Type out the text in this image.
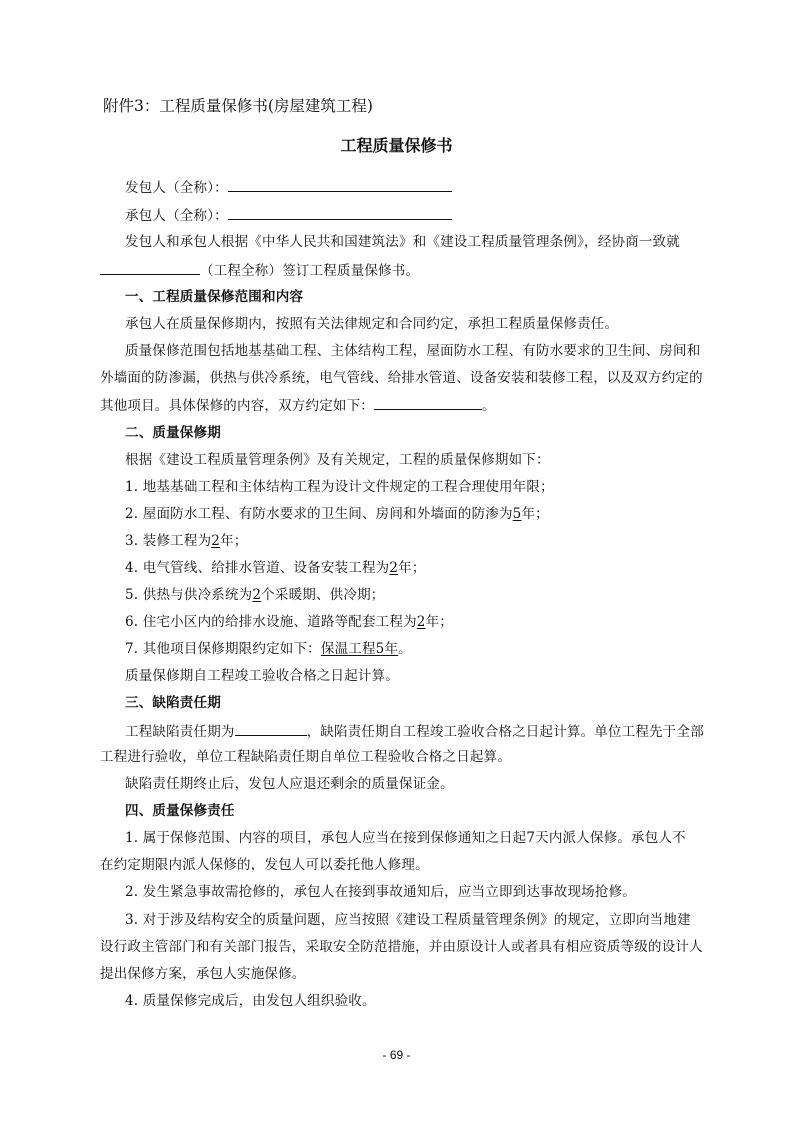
附件3：工程质量保修书(房屋建筑工程)
工程质量保修书
发包人（全称）：
承包人（全称）：
发包人和承包人根据《中华人民共和国建筑法》和《建设工程质量管理条例》，经协商一致就
（工程全称）签订工程质量保修书。
一、工程质量保修范围和内容
承包人在质量保修期内，按照有关法律规定和合同约定，承担工程质量保修责任。
质量保修范围包括地基基础工程、主体结构工程，屋面防水工程、有防水要求的卫生间、房间和
外墙面的防渗漏，供热与供冷系统，电气管线、给排水管道、设备安装和装修工程，以及双方约定的
其他项目。具体保修的内容，双方约定如下：	。
二、质量保修期
根据《建设工程质量管理条例》及有关规定，工程的质量保修期如下：
1. 地基基础工程和主体结构工程为设计文件规定的工程合理使用年限；
2. 屋面防水工程、有防水要求的卫生间、房间和外墙面的防渗为5年；
3. 装修工程为2年；
4. 电气管线、给排水管道、设备安装工程为2年；
5. 供热与供冷系统为2个采暖期、供冷期；
6. 住宅小区内的给排水设施、道路等配套工程为2年；
7. 其他项目保修期限约定如下：保温工程5年。
质量保修期自工程竣工验收合格之日起计算。
三、缺陷责任期
工程缺陷责任期为	，缺陷责任期自工程竣工验收合格之日起计算。单位工程先于全部
工程进行验收，单位工程缺陷责任期自单位工程验收合格之日起算。
缺陷责任期终止后，发包人应退还剩余的质量保证金。
四、质量保修责任
1. 属于保修范围、内容的项目，承包人应当在接到保修通知之日起7天内派人保修。承包人不
在约定期限内派人保修的，发包人可以委托他人修理。
2. 发生紧急事故需抢修的，承包人在接到事故通知后，应当立即到达事故现场抢修。
3. 对于涉及结构安全的质量问题，应当按照《建设工程质量管理条例》的规定，立即向当地建
设行政主管部门和有关部门报告，采取安全防范措施，并由原设计人或者具有相应资质等级的设计人
提出保修方案，承包人实施保修。
4. 质量保修完成后，由发包人组织验收。
- 69 -
